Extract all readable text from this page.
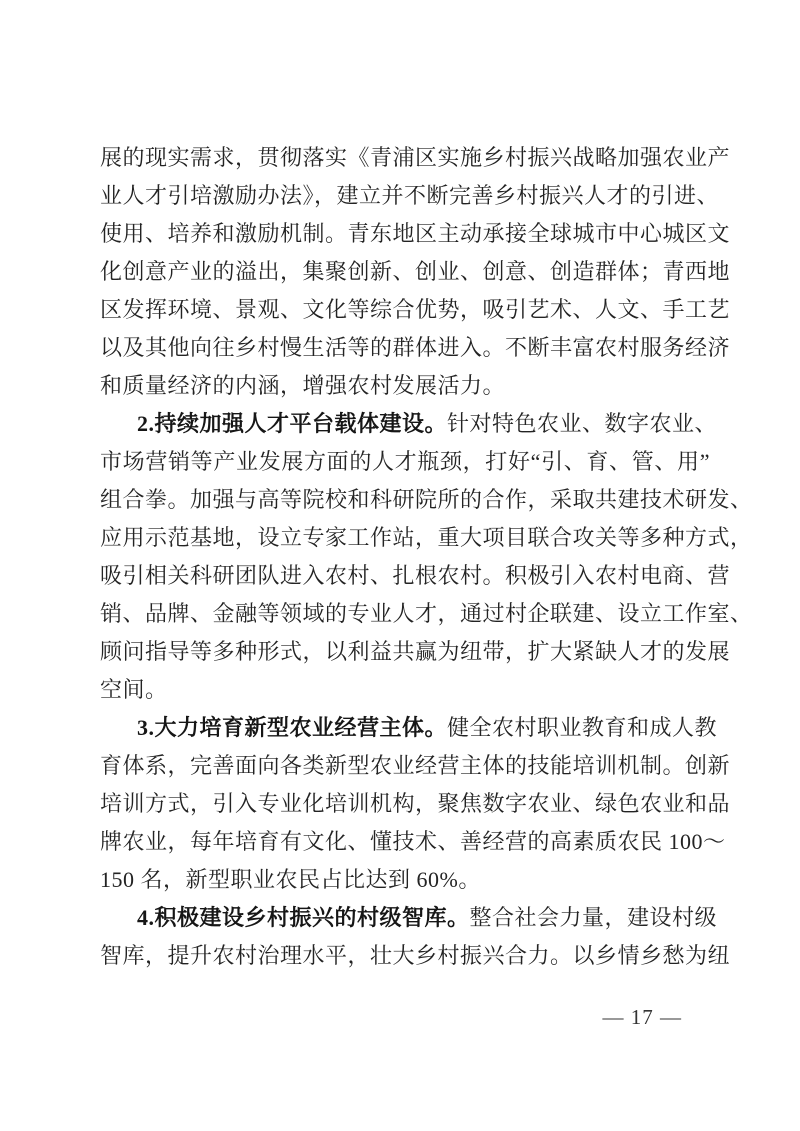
展的现实需求，贯彻落实《青浦区实施乡村振兴战略加强农业产
业人才引培激励办法》，建立并不断完善乡村振兴人才的引进、
使用、培养和激励机制。青东地区主动承接全球城市中心城区文
化创意产业的溢出，集聚创新、创业、创意、创造群体；青西地
区发挥环境、景观、文化等综合优势，吸引艺术、人文、手工艺
以及其他向往乡村慢生活等的群体进入。不断丰富农村服务经济
和质量经济的内涵，增强农村发展活力。
2.持续加强人才平台载体建设。针对特色农业、数字农业、
市场营销等产业发展方面的人才瓶颈，打好“引、育、管、用”
组合拳。加强与高等院校和科研院所的合作，采取共建技术研发、
应用示范基地，设立专家工作站，重大项目联合攻关等多种方式，
吸引相关科研团队进入农村、扎根农村。积极引入农村电商、营
销、品牌、金融等领域的专业人才，通过村企联建、设立工作室、
顾问指导等多种形式，以利益共赢为纽带，扩大紧缺人才的发展
空间。
3.大力培育新型农业经营主体。健全农村职业教育和成人教
育体系，完善面向各类新型农业经营主体的技能培训机制。创新
培训方式，引入专业化培训机构，聚焦数字农业、绿色农业和品
牌农业，每年培育有文化、懂技术、善经营的高素质农民 100～
150 名，新型职业农民占比达到 60%。
4.积极建设乡村振兴的村级智库。整合社会力量，建设村级
智库，提升农村治理水平，壮大乡村振兴合力。以乡情乡愁为纽
— 17 —
